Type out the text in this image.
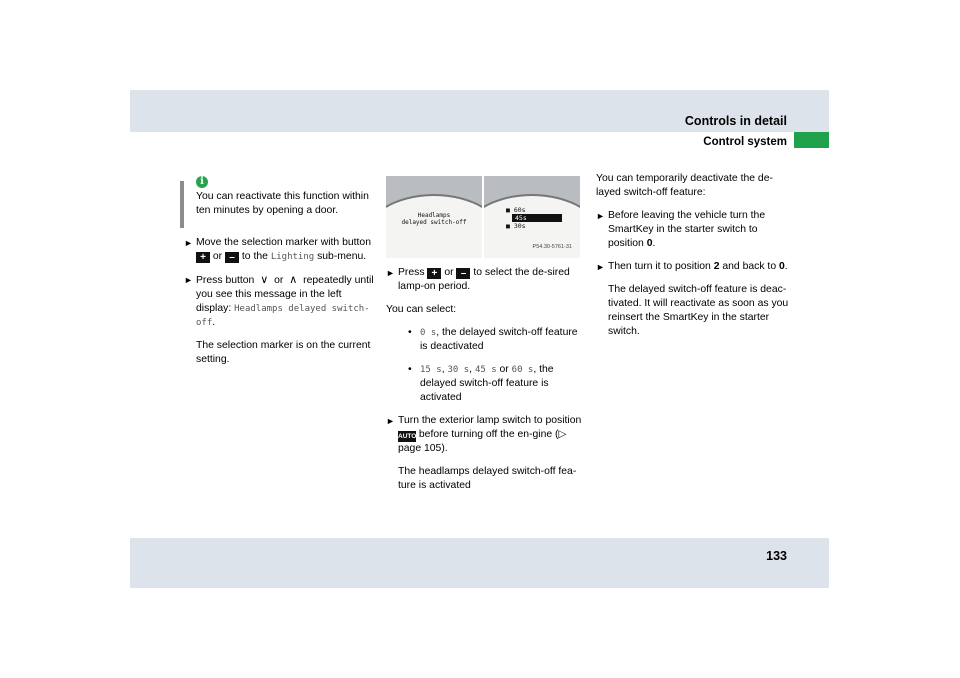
Controls in detail
Control system
133
i
You can reactivate this function within ten minutes by opening a door.
► Move the selection marker with button + or – to the Lighting sub-menu.

► Press button ∨ or ∧ repeatedly until you see this message in the left display: Headlamps delayed switch-off.

The selection marker is on the current setting.

Headlamps
delayed switch-off
■ 60s
45s
■ 30s
P54.30-5761-31
► Press + or – to select the de-sired lamp-on period.

You can select:
• 0 s, the delayed switch-off feature is deactivated
• 15 s, 30 s, 45 s or 60 s, the delayed switch-off feature is activated
► Turn the exterior lamp switch to position AUTO before turning off the en-gine (▷ page 105).

The headlamps delayed switch-off fea-ture is activated

You can temporarily deactivate the de-layed switch-off feature:
► Before leaving the vehicle turn the SmartKey in the starter switch to position 0.

► Then turn it to position 2 and back to 0.

The delayed switch-off feature is deac-tivated. It will reactivate as soon as you reinsert the SmartKey in the starter switch.
